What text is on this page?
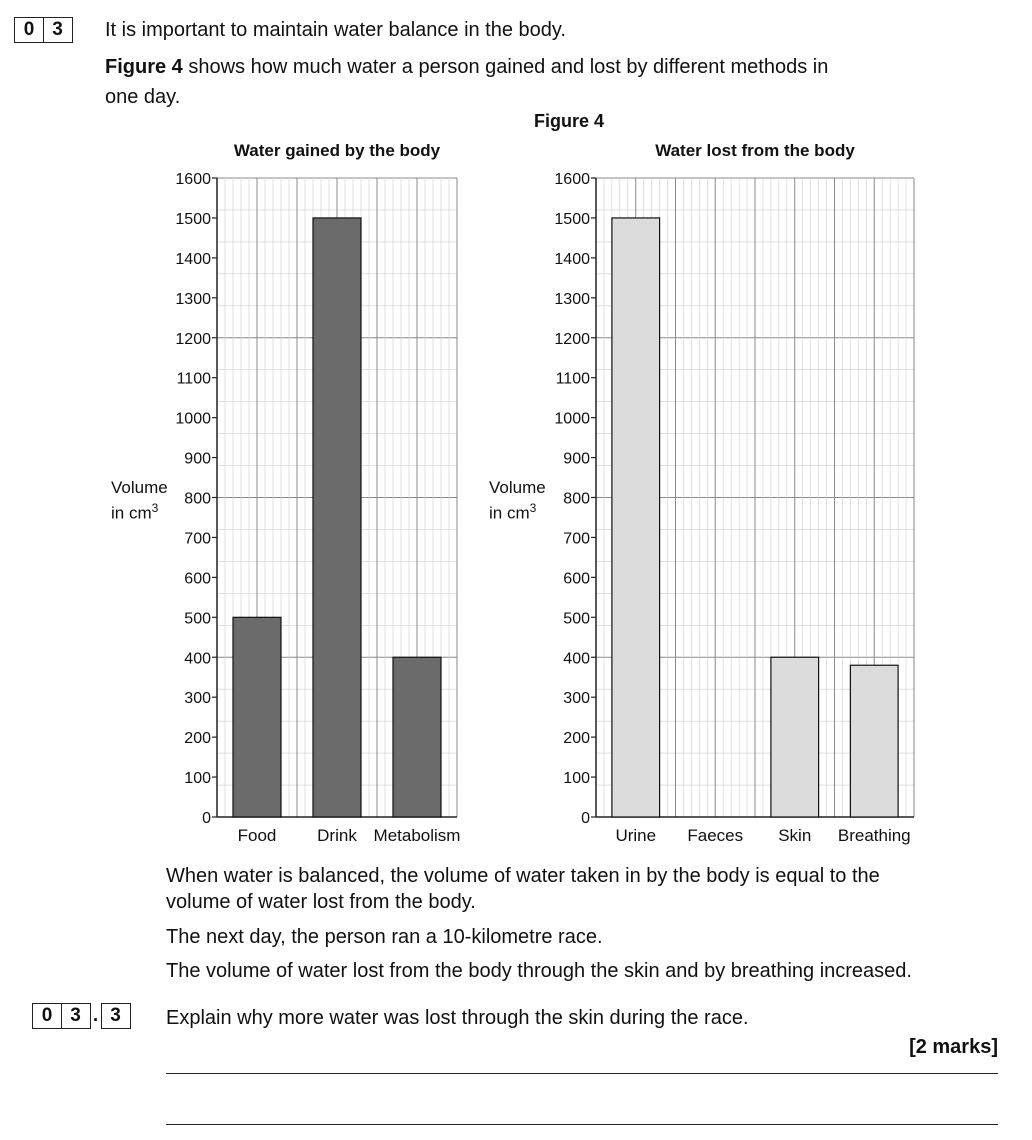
0 3	It is important to maintain water balance in the body.
Figure 4 shows how much water a person gained and lost by different methods in
one day.
Figure 4
Water gained by the body
Volume
in $cm^3$
0
100
200
300
400
500
600
700
800
900
1000
1100
1200
1300
1400
1500
1600
Food Drink Metabolism
Water lost from the body
Volume
in $cm^3$
0
100
200
300
400
500
600
700
800
900
1000
1100
1200
1300
1400
1500
1600
Urine Faeces Skin Breathing
When water is balanced, the volume of water taken in by the body is equal to the
volume of water lost from the body.
The next day, the person ran a 10-kilometre race.
The volume of water lost from the body through the skin and by breathing increased.
0 3 . 3	Explain why more water was lost through the skin during the race.
[2 marks]
